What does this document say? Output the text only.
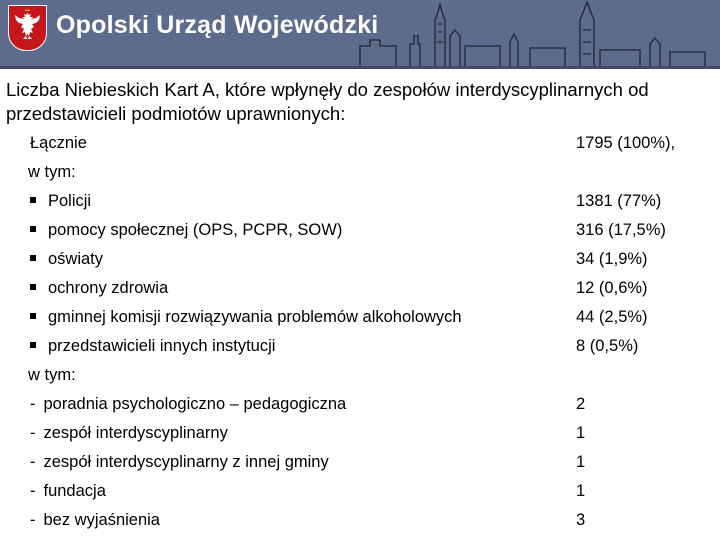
Opolski Urząd Wojewódzki
Liczba Niebieskich Kart A, które wpłynęły do zespołów interdyscyplinarnych od przedstawicieli podmiotów uprawnionych:
Łącznie	1795 (100%),
w tym:
Policji	1381 (77%)
pomocy społecznej (OPS, PCPR, SOW)	316 (17,5%)
oświaty	34 (1,9%)
ochrony zdrowia	12 (0,6%)
gminnej komisji rozwiązywania problemów alkoholowych	44 (2,5%)
przedstawicieli innych instytucji	8 (0,5%)
w tym:
- poradnia psychologiczno – pedagogiczna	2
- zespół interdyscyplinarny	1
- zespół interdyscyplinarny z innej gminy	1
- fundacja	1
- bez wyjaśnienia	3
